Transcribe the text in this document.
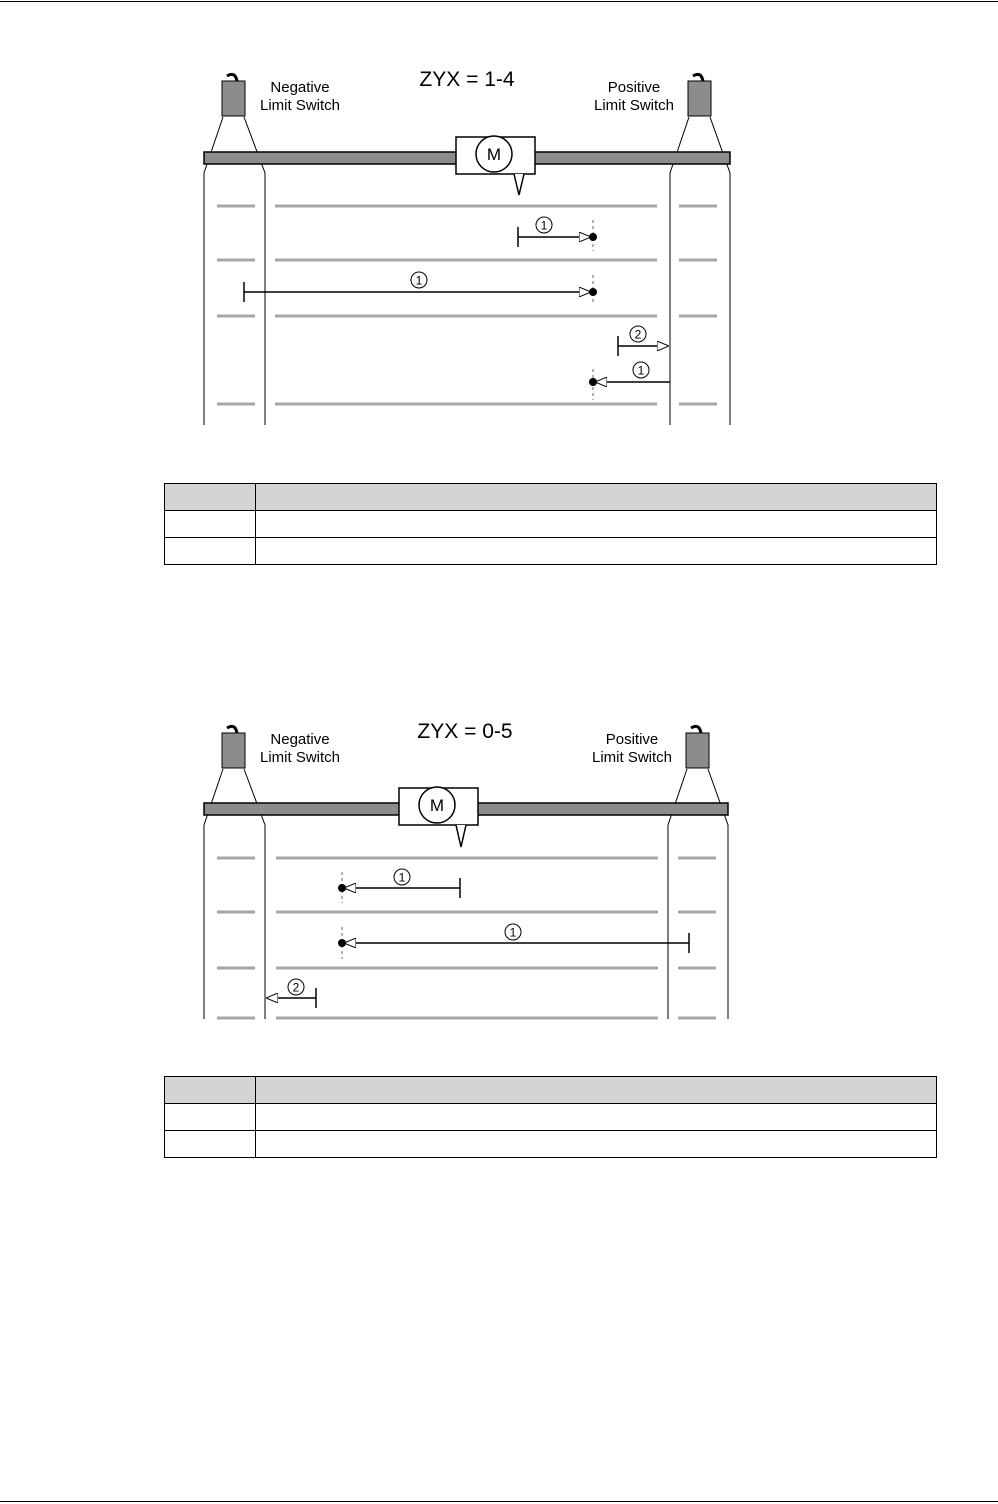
Negative
Limit Switch
ZYX = 1-4	Positive
Limit Switch
M
1
1
2
1

Negative
Limit Switch
ZYX = 0-5	Positive
Limit Switch
M
1
1
2
